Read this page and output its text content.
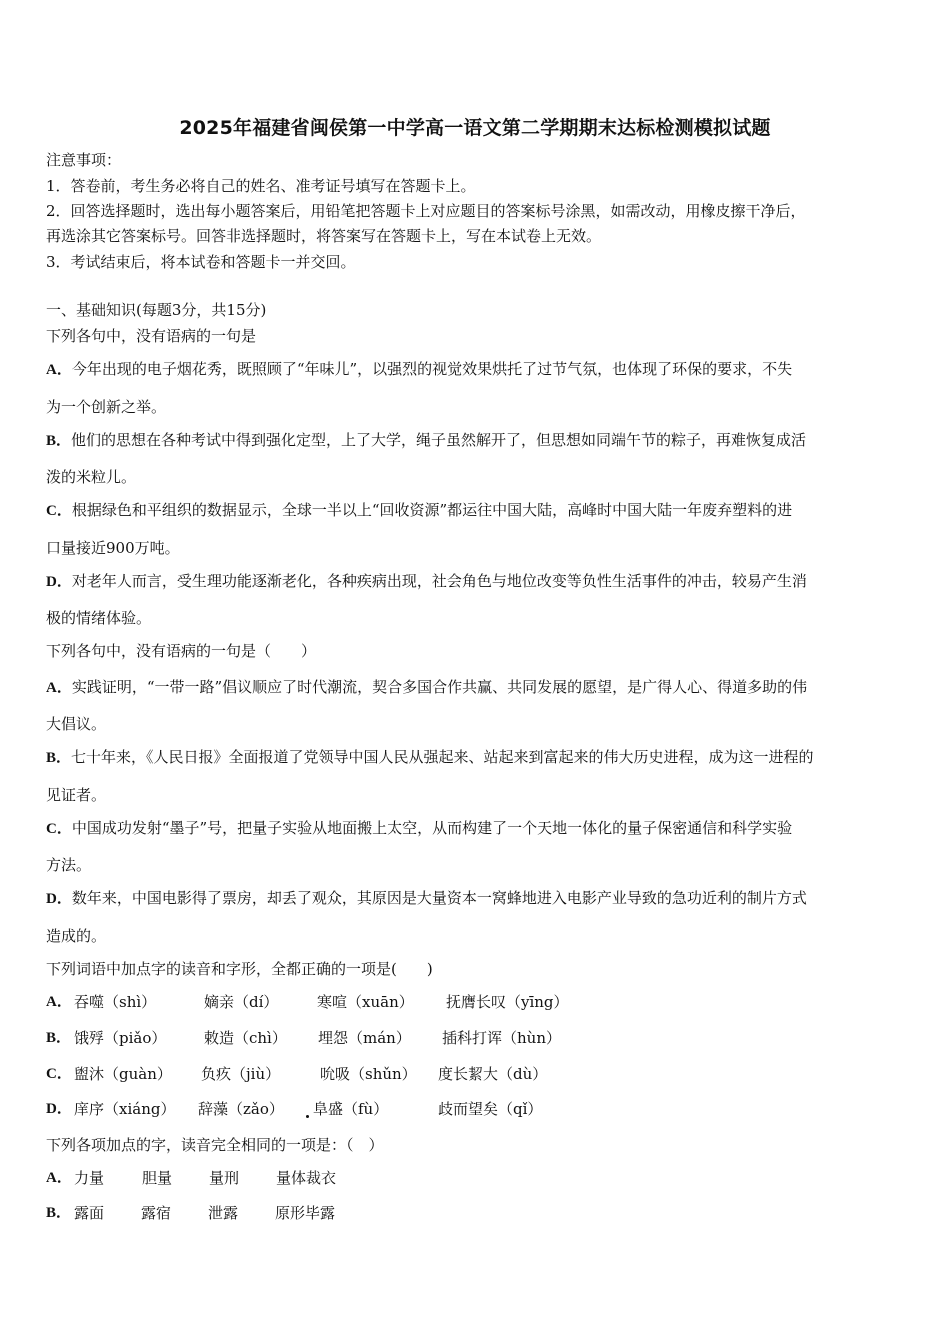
2025年福建省闽侯第一中学高一语文第二学期期末达标检测模拟试题
注意事项：
1．答卷前，考生务必将自己的姓名、准考证号填写在答题卡上。
2．回答选择题时，选出每小题答案后，用铅笔把答题卡上对应题目的答案标号涂黑，如需改动，用橡皮擦干净后，
再选涂其它答案标号。回答非选择题时，将答案写在答题卡上，写在本试卷上无效。
3．考试结束后，将本试卷和答题卡一并交回。
一、基础知识(每题3分，共15分)
下列各句中，没有语病的一句是
A．今年出现的电子烟花秀，既照顾了“年味儿”，以强烈的视觉效果烘托了过节气氛，也体现了环保的要求，不失
为一个创新之举。
B．他们的思想在各种考试中得到强化定型，上了大学，绳子虽然解开了，但思想如同端午节的粽子，再难恢复成活
泼的米粒儿。
C．根据绿色和平组织的数据显示，全球一半以上“回收资源”都运往中国大陆，高峰时中国大陆一年废弃塑料的进
口量接近900万吨。
D．对老年人而言，受生理功能逐渐老化，各种疾病出现，社会角色与地位改变等负性生活事件的冲击，较易产生消
极的情绪体验。
下列各句中，没有语病的一句是（　　）
A．实践证明，“一带一路”倡议顺应了时代潮流，契合多国合作共赢、共同发展的愿望，是广得人心、得道多助的伟
大倡议。
B．七十年来，《人民日报》全面报道了党领导中国人民从强起来、站起来到富起来的伟大历史进程，成为这一进程的
见证者。
C．中国成功发射“墨子”号，把量子实验从地面搬上太空，从而构建了一个天地一体化的量子保密通信和科学实验
方法。
D．数年来，中国电影得了票房，却丢了观众，其原因是大量资本一窝蜂地进入电影产业导致的急功近利的制片方式
造成的。
下列词语中加点字的读音和字形，全都正确的一项是(　　)
A． 吞噬（shì）	嫡亲（dí）	寒喧（xuān） 抚膺长叹（yīng）
B． 饿殍（piǎo）	敕造（chì） 埋怨（mán） 插科打诨（hùn）
C． 盥沐（guàn） 负疚（jiù）	吮吸（shǔn） 度长絜大（dù）
D． 庠序（xiáng） 辞藻（zǎo） 阜盛（fù）	歧而望矣（qǐ）
下列各项加点的字，读音完全相同的一项是：（　）
A． 力量	胆量 量刑 量体裁衣
B． 露面 露宿 泄露 原形毕露
